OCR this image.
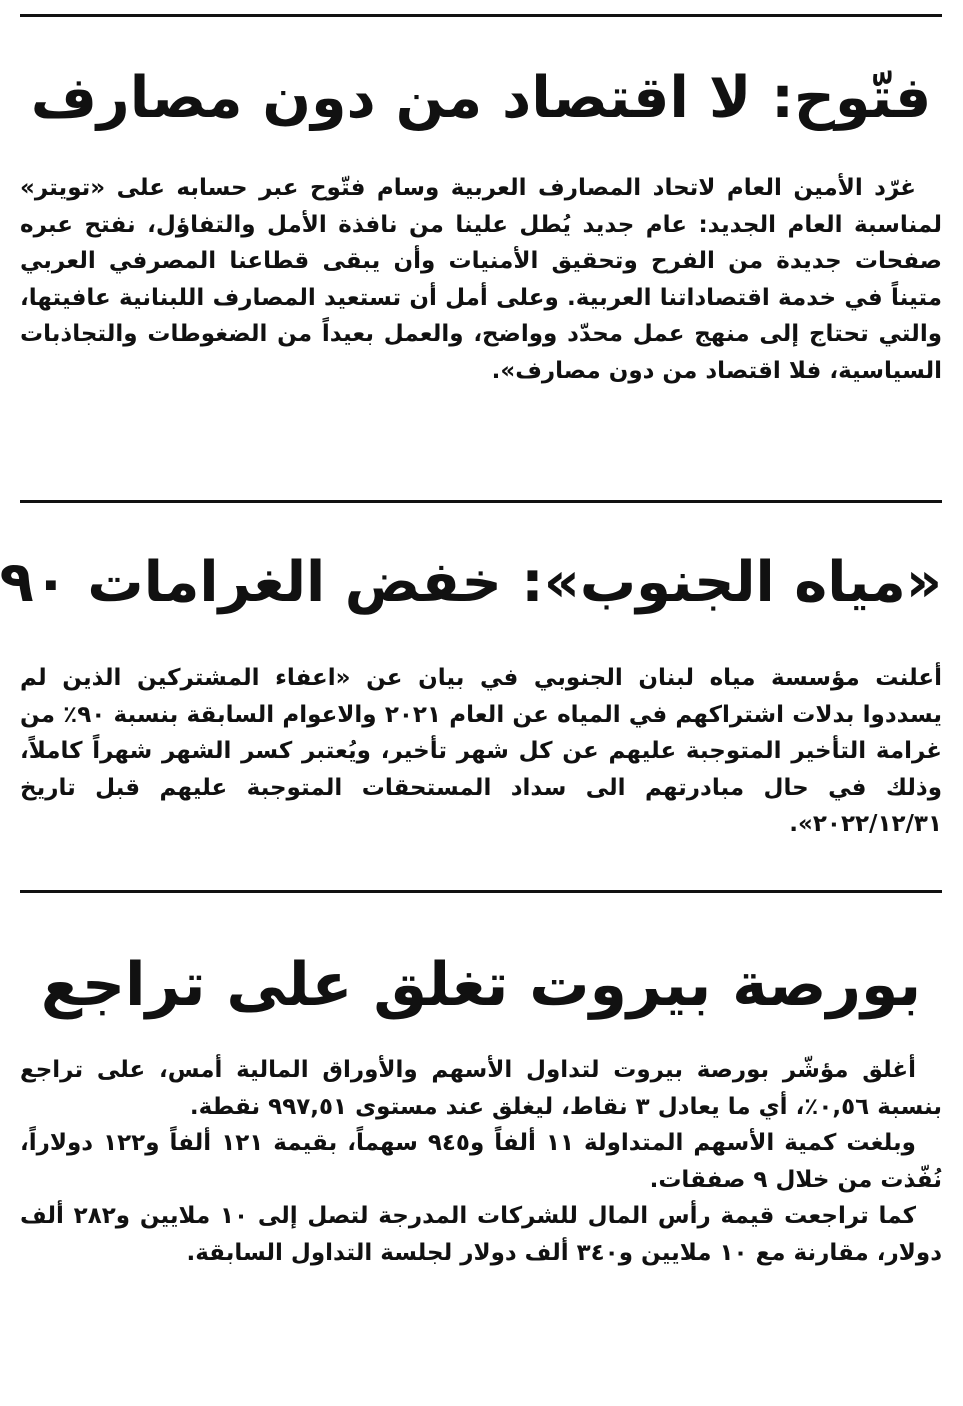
فتّوح: لا اقتصاد من دون مصارف

غرّد الأمين العام لاتحاد المصارف العربية وسام فتّوح عبر حسابه على «تويتر» لمناسبة العام الجديد: عام جديد يُطل علينا من نافذة الأمل والتفاؤل، نفتح عبره صفحات جديدة من الفرح وتحقيق الأمنيات وأن يبقى قطاعنا المصرفي العربي متيناً في خدمة اقتصاداتنا العربية. وعلى أمل أن تستعيد المصارف اللبنانية عافيتها، والتي تحتاج إلى منهج عمل محدّد وواضح، والعمل بعيداً من الضغوطات والتجاذبات السياسية، فلا اقتصاد من دون مصارف».

«مياه الجنوب»: خفض الغرامات ٩٠

أعلنت مؤسسة مياه لبنان الجنوبي في بيان عن «اعفاء المشتركين الذين لم يسددوا بدلات اشتراكهم في المياه عن العام ٢٠٢١ والاعوام السابقة بنسبة ٩٠٪ من غرامة التأخير المتوجبة عليهم عن كل شهر تأخير، ويُعتبر كسر الشهر شهراً كاملاً، وذلك في حال مبادرتهم الى سداد المستحقات المتوجبة عليهم قبل تاريخ ٢٠٢٢/١٢/٣١».

بورصة بيروت تغلق على تراجع

أغلق مؤشّر بورصة بيروت لتداول الأسهم والأوراق المالية أمس، على تراجع بنسبة ٠,٥٦٪، أي ما يعادل ٣ نقاط، ليغلق عند مستوى ٩٩٧,٥١ نقطة.

وبلغت كمية الأسهم المتداولة ١١ ألفاً و٩٤٥ سهماً، بقيمة ١٢١ ألفاً و١٢٢ دولاراً، نُفّذت من خلال ٩ صفقات.

كما تراجعت قيمة رأس المال للشركات المدرجة لتصل إلى ١٠ ملايين و٢٨٢ ألف دولار، مقارنة مع ١٠ ملايين و٣٤٠ ألف دولار لجلسة التداول السابقة.
